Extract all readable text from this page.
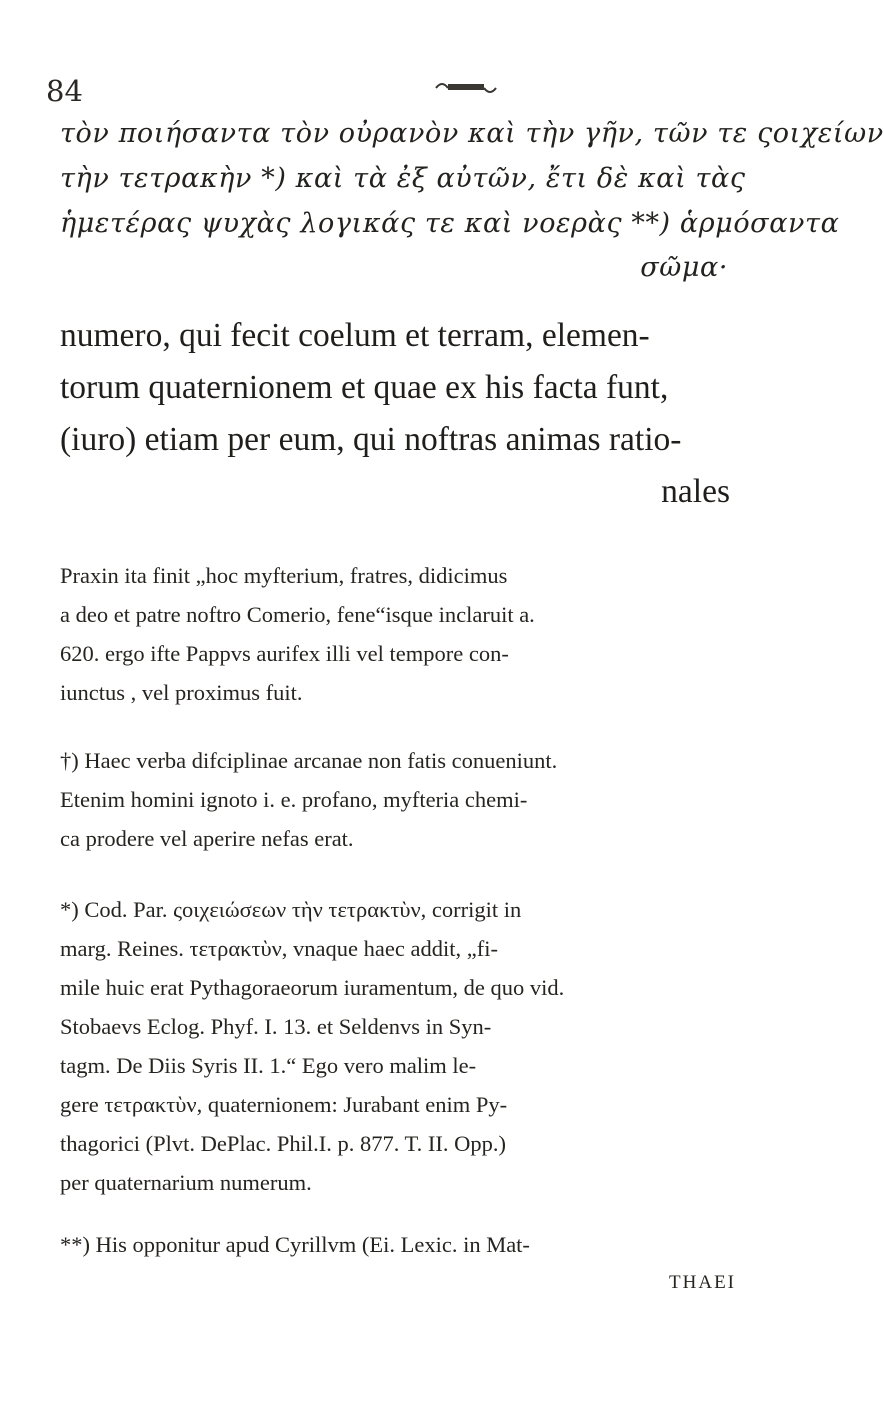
84
τὸν ποιήσαντα τὸν οὐρανὸν καὶ τὴν γῆν, τῶν τε ςοιχείων
τὴν τετρακὴν *) καὶ τὰ ἐξ αὐτῶν, ἔτι δὲ καὶ τὰς
ἡμετέρας ψυχὰς λογικάς τε καὶ νοερὰς **) ἁρμόσαντα
σῶμα·
numero, qui fecit coelum et terram, elemen-
torum quaternionem et quae ex his facta funt,
(iuro) etiam per eum, qui noftras animas ratio-
nales
Praxin ita finit „hoc myfterium, fratres, didicimus
a deo et patre noftro Comerio, fene“isque inclaruit a.
620. ergo ifte Pappvs aurifex illi vel tempore con-
iunctus , vel proximus fuit.
†) Haec verba difciplinae arcanae non fatis conueniunt.
Etenim homini ignoto i. e. profano, myfteria chemi-
ca prodere vel aperire nefas erat.
*) Cod. Par. ςοιχειώσεων τὴν τετρακτὺν, corrigit in
marg. Reines. τετρακτὺν, vnaque haec addit, „fi-
mile huic erat Pythagoraeorum iuramentum, de quo vid.
Stobaevs Eclog. Phyf. I. 13. et Seldenvs in Syn-
tagm. De Diis Syris II. 1.“ Ego vero malim le-
gere τετρακτὺν, quaternionem: Jurabant enim Py-
thagorici (Plvt. DePlac. Phil.I. p. 877. T. II. Opp.)
per quaternarium numerum.
**) His opponitur apud Cyrillvm (Ei. Lexic. in Mat-
THAEI
